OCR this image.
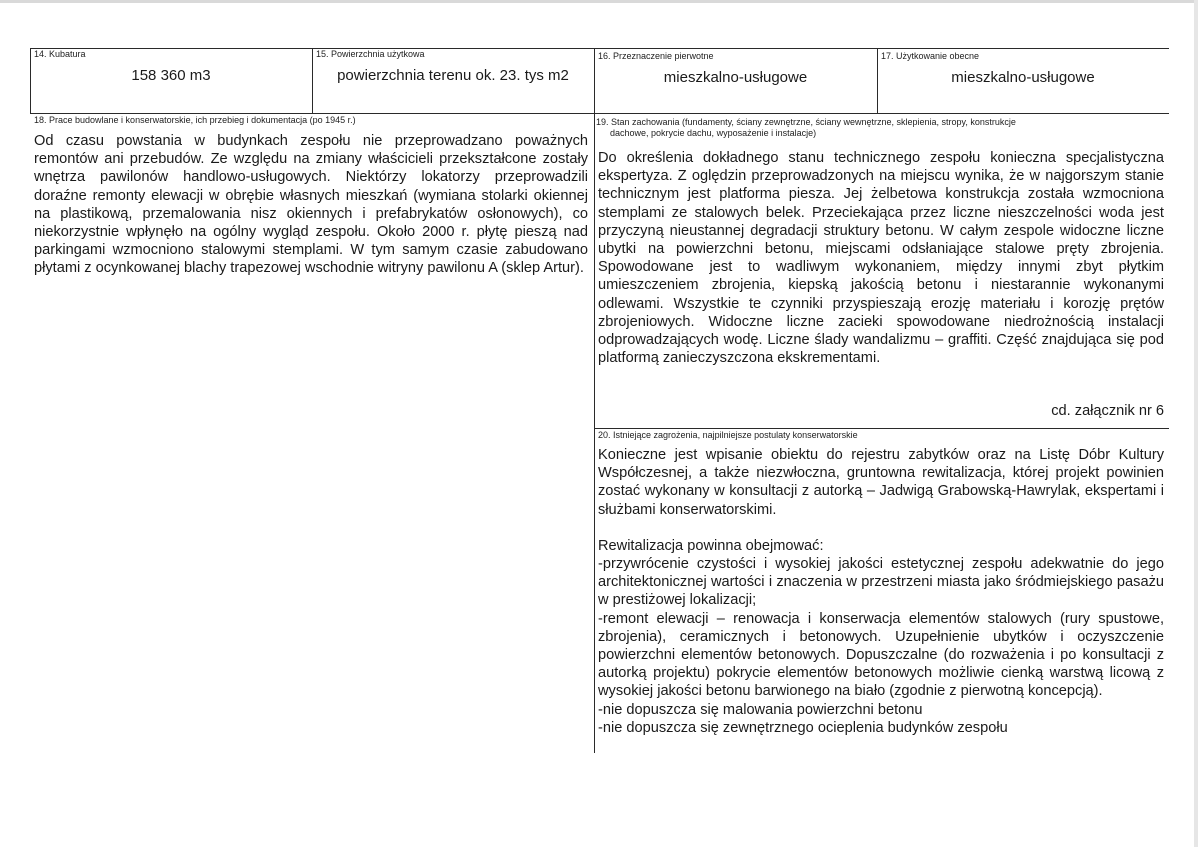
14. Kubatura
158 360 m3
15. Powierzchnia użytkowa
powierzchnia terenu ok. 23. tys m2
16. Przeznaczenie pierwotne
mieszkalno-usługowe
17. Użytkowanie obecne
mieszkalno-usługowe
18. Prace budowlane i konserwatorskie, ich przebieg i dokumentacja (po 1945 r.)
Od czasu powstania w budynkach zespołu nie przeprowadzano poważnych remontów ani przebudów. Ze względu na zmiany właścicieli przekształcone zostały wnętrza pawilonów handlowo-usługowych. Niektórzy lokatorzy przeprowadzili doraźne remonty elewacji w obrębie własnych mieszkań (wymiana stolarki okiennej na plastikową, przemalowania nisz okiennych i prefabrykatów osłonowych), co niekorzystnie wpłynęło na ogólny wygląd zespołu. Około 2000 r. płytę pieszą nad parkingami wzmocniono stalowymi stemplami. W tym samym czasie zabudowano płytami z ocynkowanej blachy trapezowej wschodnie witryny pawilonu A (sklep Artur).
19. Stan zachowania (fundamenty, ściany zewnętrzne, ściany wewnętrzne, sklepienia, stropy, konstrukcje
dachowe, pokrycie dachu, wyposażenie i instalacje)
Do określenia dokładnego stanu technicznego zespołu konieczna specjalistyczna ekspertyza. Z oględzin przeprowadzonych na miejscu wynika, że w najgorszym stanie technicznym jest platforma piesza. Jej żelbetowa konstrukcja została wzmocniona stemplami ze stalowych belek. Przeciekająca przez liczne nieszczelności woda jest przyczyną nieustannej degradacji struktury betonu. W całym zespole widoczne liczne ubytki na powierzchni betonu, miejscami odsłaniające stalowe pręty zbrojenia. Spowodowane jest to wadliwym wykonaniem, między innymi zbyt płytkim umieszczeniem zbrojenia, kiepską jakością betonu i niestarannie wykonanymi odlewami. Wszystkie te czynniki przyspieszają erozję materiału i korozję prętów zbrojeniowych. Widoczne liczne zacieki spowodowane niedrożnością instalacji odprowadzających wodę. Liczne ślady wandalizmu – graffiti. Część znajdująca się pod platformą zanieczyszczona ekskrementami.
cd. załącznik nr 6
20. Istniejące zagrożenia, najpilniejsze postulaty konserwatorskie

Konieczne jest wpisanie obiektu do rejestru zabytków oraz na Listę Dóbr Kultury Współczesnej, a także niezwłoczna, gruntowna rewitalizacja, której projekt powinien zostać wykonany w konsultacji z autorką – Jadwigą Grabowską-Hawrylak, ekspertami i służbami konserwatorskimi.

Rewitalizacja powinna obejmować:

-przywrócenie czystości i wysokiej jakości estetycznej zespołu adekwatnie do jego architektonicznej wartości i znaczenia w przestrzeni miasta jako śródmiejskiego pasażu w prestiżowej lokalizacji;

-remont elewacji – renowacja i konserwacja elementów stalowych (rury spustowe, zbrojenia), ceramicznych i betonowych. Uzupełnienie ubytków i oczyszczenie powierzchni elementów betonowych. Dopuszczalne (do rozważenia i po konsultacji z autorką projektu) pokrycie elementów betonowych możliwie cienką warstwą licową z wysokiej jakości betonu barwionego na biało (zgodnie z pierwotną koncepcją).

-nie dopuszcza się malowania powierzchni betonu

-nie dopuszcza się zewnętrznego ocieplenia budynków zespołu
